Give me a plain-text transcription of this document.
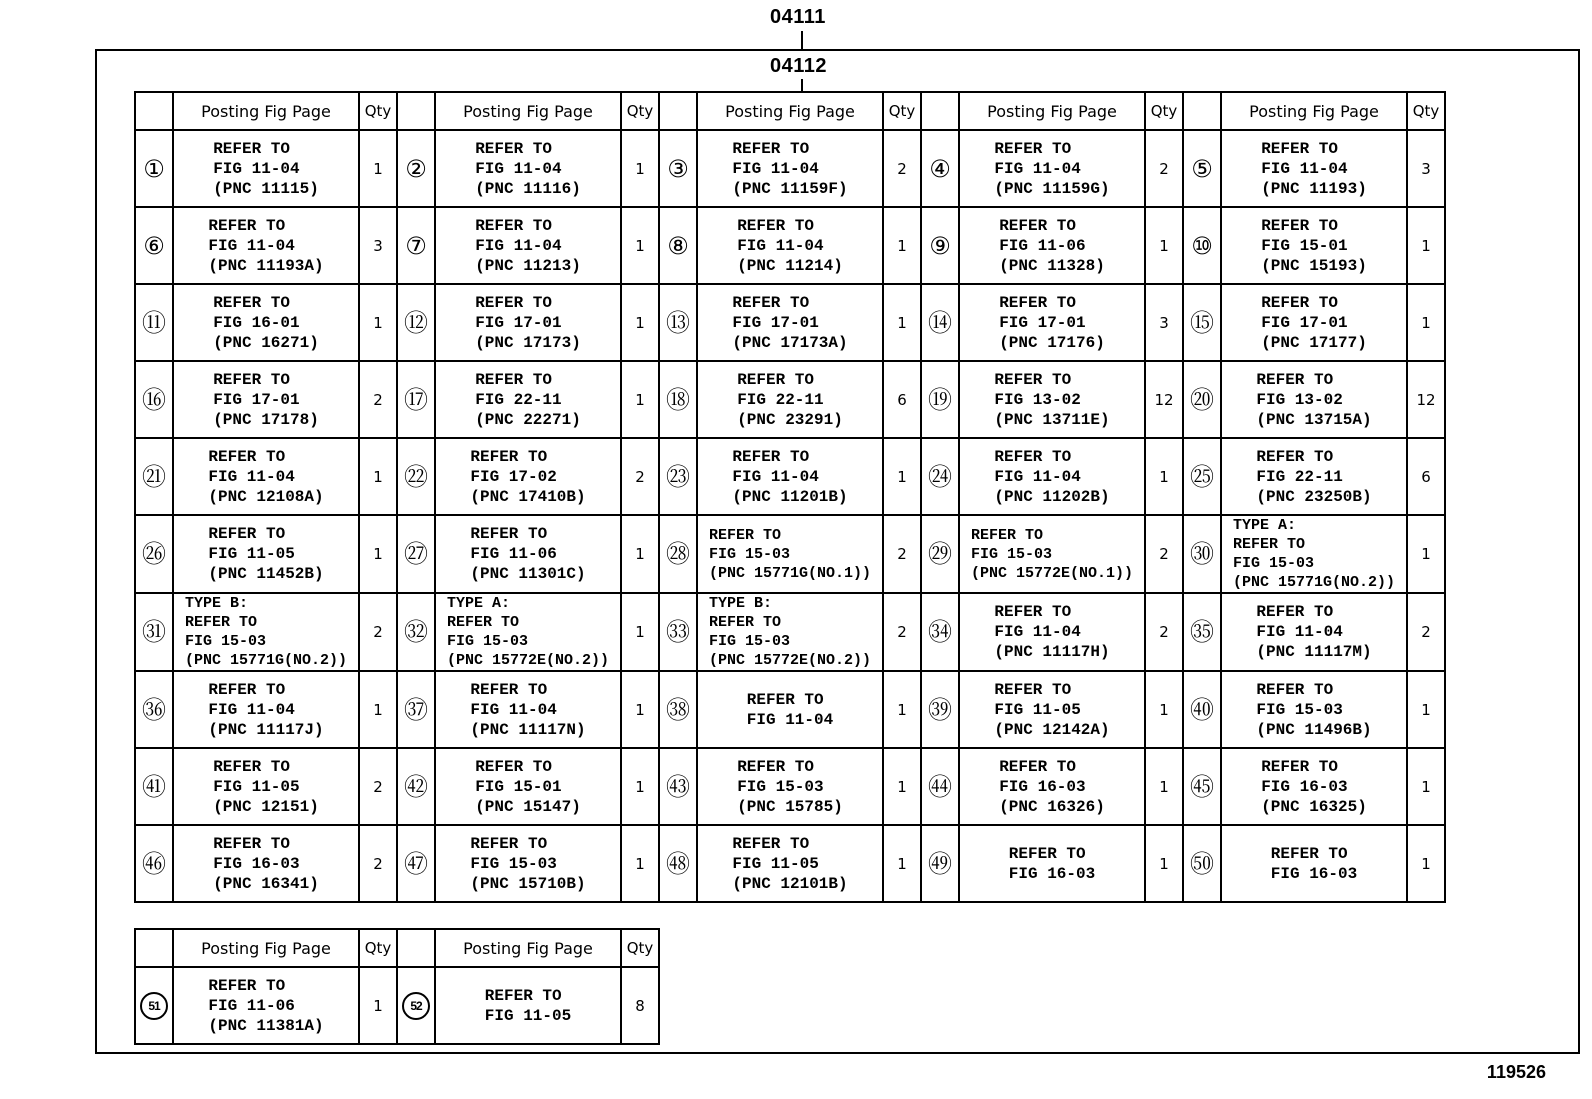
04111
04112
	Posting Fig Page	Qty		Posting Fig Page	Qty		Posting Fig Page	Qty		Posting Fig Page	Qty		Posting Fig Page	Qty
①	REFER TO
FIG 11-04
(PNC 11115)	1	②	REFER TO
FIG 11-04
(PNC 11116)	1	③	REFER TO
FIG 11-04
(PNC 11159F)	2	④	REFER TO
FIG 11-04
(PNC 11159G)	2	⑤	REFER TO
FIG 11-04
(PNC 11193)	3
⑥	REFER TO
FIG 11-04
(PNC 11193A)	3	⑦	REFER TO
FIG 11-04
(PNC 11213)	1	⑧	REFER TO
FIG 11-04
(PNC 11214)	1	⑨	REFER TO
FIG 11-06
(PNC 11328)	1	⑩	REFER TO
FIG 15-01
(PNC 15193)	1
⑪	REFER TO
FIG 16-01
(PNC 16271)	1	⑫	REFER TO
FIG 17-01
(PNC 17173)	1	⑬	REFER TO
FIG 17-01
(PNC 17173A)	1	⑭	REFER TO
FIG 17-01
(PNC 17176)	3	⑮	REFER TO
FIG 17-01
(PNC 17177)	1
⑯	REFER TO
FIG 17-01
(PNC 17178)	2	⑰	REFER TO
FIG 22-11
(PNC 22271)	1	⑱	REFER TO
FIG 22-11
(PNC 23291)	6	⑲	REFER TO
FIG 13-02
(PNC 13711E)	12	⑳	REFER TO
FIG 13-02
(PNC 13715A)	12
㉑	REFER TO
FIG 11-04
(PNC 12108A)	1	㉒	REFER TO
FIG 17-02
(PNC 17410B)	2	㉓	REFER TO
FIG 11-04
(PNC 11201B)	1	㉔	REFER TO
FIG 11-04
(PNC 11202B)	1	㉕	REFER TO
FIG 22-11
(PNC 23250B)	6
㉖	REFER TO
FIG 11-05
(PNC 11452B)	1	㉗	REFER TO
FIG 11-06
(PNC 11301C)	1	㉘	REFER TO
FIG 15-03
(PNC 15771G(NO.1))	2	㉙	REFER TO
FIG 15-03
(PNC 15772E(NO.1))	2	㉚	TYPE A:
REFER TO
FIG 15-03
(PNC 15771G(NO.2))	1
㉛	TYPE B:
REFER TO
FIG 15-03
(PNC 15771G(NO.2))	2	㉜	TYPE A:
REFER TO
FIG 15-03
(PNC 15772E(NO.2))	1	㉝	TYPE B:
REFER TO
FIG 15-03
(PNC 15772E(NO.2))	2	㉞	REFER TO
FIG 11-04
(PNC 11117H)	2	㉟	REFER TO
FIG 11-04
(PNC 11117M)	2
㊱	REFER TO
FIG 11-04
(PNC 11117J)	1	㊲	REFER TO
FIG 11-04
(PNC 11117N)	1	㊳	REFER TO
FIG 11-04	1	㊴	REFER TO
FIG 11-05
(PNC 12142A)	1	㊵	REFER TO
FIG 15-03
(PNC 11496B)	1
㊶	REFER TO
FIG 11-05
(PNC 12151)	2	㊷	REFER TO
FIG 15-01
(PNC 15147)	1	㊸	REFER TO
FIG 15-03
(PNC 15785)	1	㊹	REFER TO
FIG 16-03
(PNC 16326)	1	㊺	REFER TO
FIG 16-03
(PNC 16325)	1
㊻	REFER TO
FIG 16-03
(PNC 16341)	2	㊼	REFER TO
FIG 15-03
(PNC 15710B)	1	㊽	REFER TO
FIG 11-05
(PNC 12101B)	1	㊾	REFER TO
FIG 16-03	1	㊿	REFER TO
FIG 16-03	1
	Posting Fig Page	Qty		Posting Fig Page	Qty
51	REFER TO
FIG 11-06
(PNC 11381A)	1	52	REFER TO
FIG 11-05	8
119526
